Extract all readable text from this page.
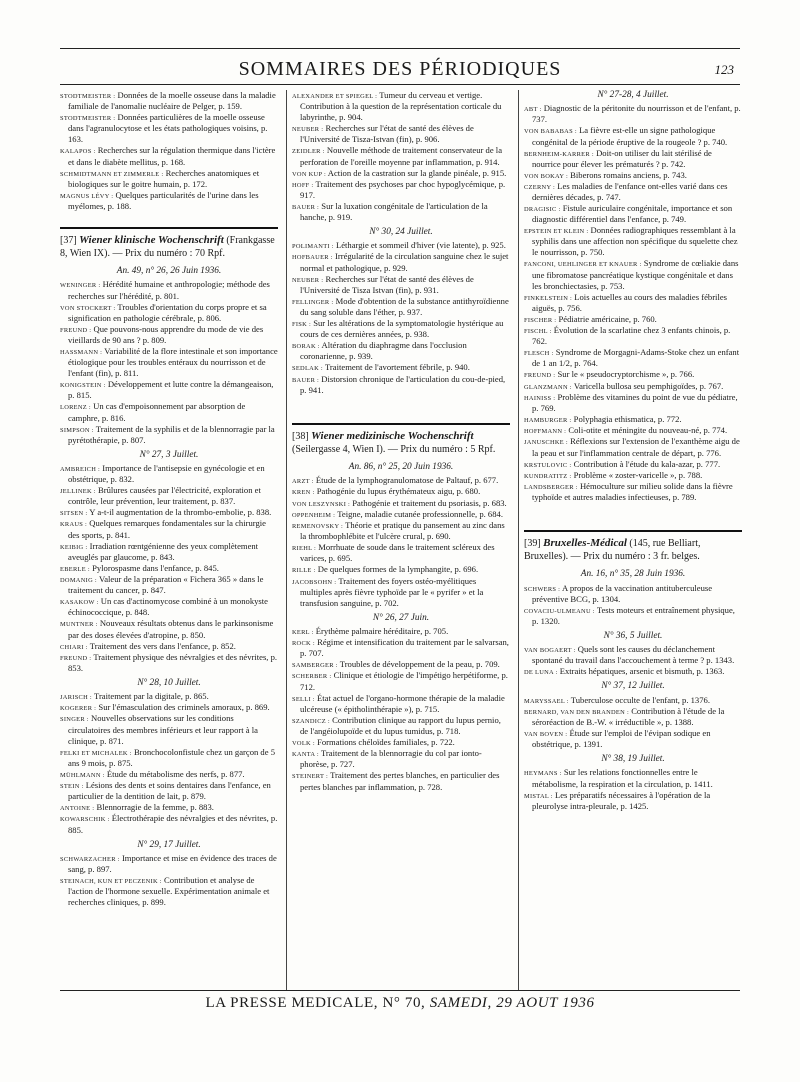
SOMMAIRES DES PÉRIODIQUES	123

STODTMEISTER : Données de la moelle osseuse dans la maladie familiale de l'anomalie nucléaire de Pelger, p. 159.

STODTMEISTER : Données particulières de la moelle osseuse dans l'agranulocytose et les états pathologiques voisins, p. 163.

KALAPOS : Recherches sur la régulation thermique dans l'ictère et dans le diabète mellitus, p. 168.

SCHMIDTMANN ET ZIMMERLE : Recherches anatomiques et biologiques sur le goitre humain, p. 172.

MAGNUS LÉVY : Quelques particularités de l'urine dans les myélomes, p. 188.

[37] Wiener klinische Wochenschrift (Frankgasse 8, Wien IX). — Prix du numéro : 70 Rpf.
An. 49, n° 26, 26 Juin 1936.

WENINGER : Hérédité humaine et anthropologie; méthode des recherches sur l'hérédité, p. 801.

VON STOCKERT : Troubles d'orientation du corps propre et sa signification en pathologie cérébrale, p. 806.

FREUND : Que pouvons-nous apprendre du mode de vie des vieillards de 90 ans ? p. 809.

HASSMANN : Variabilité de la flore intestinale et son importance étiologique pour les troubles entéraux du nourrisson et de l'enfant (fin), p. 811.

KONIGSTEIN : Développement et lutte contre la démangeaison, p. 815.

LORENZ : Un cas d'empoisonnement par absorption de camphre, p. 816.

SIMPSON : Traitement de la syphilis et de la blennorragie par la pyrétothérapie, p. 807.

N° 27, 3 Juillet.

AMBREICH : Importance de l'antisepsie en gynécologie et en obstétrique, p. 832.

JELLINEK : Brûlures causées par l'électricité, exploration et contrôle, leur prévention, leur traitement, p. 837.

SITSEN : Y a-t-il augmentation de la thrombo-embolie, p. 838.

KRAUS : Quelques remarques fondamentales sur la chirurgie des sports, p. 841.

KEIBIG : Irradiation rœntgénienne des yeux complètement aveuglés par glaucome, p. 843.

EBERLE : Pylorospasme dans l'enfance, p. 845.

DOMANIG : Valeur de la préparation « Fichera 365 » dans le traitement du cancer, p. 847.

KASAKOW : Un cas d'actinomycose combiné à un monokyste échinococcique, p. 848.

MUNTNER : Nouveaux résultats obtenus dans le parkinsonisme par des doses élevées d'atropine, p. 850.

CHIARI : Traitement des vers dans l'enfance, p. 852.

FREUND : Traitement physique des névralgies et des névrites, p. 853.

N° 28, 10 Juillet.

JARISCH : Traitement par la digitale, p. 865.

KOGERER : Sur l'émasculation des criminels amoraux, p. 869.

SINGER : Nouvelles observations sur les conditions circulatoires des membres inférieurs et leur rapport à la clinique, p. 871.

FELKI ET MICHALEK : Bronchocolonfistule chez un garçon de 5 ans 9 mois, p. 875.

MÜHLMANN : Étude du métabolisme des nerfs, p. 877.

STEIN : Lésions des dents et soins dentaires dans l'enfance, en particulier de la dentition de lait, p. 879.

ANTOINE : Blennorragie de la femme, p. 883.

KOWARSCHIK : Électrothérapie des névralgies et des névrites, p. 885.

N° 29, 17 Juillet.

SCHWARZACHER : Importance et mise en évidence des traces de sang, p. 897.

STEINACH, KUN ET PECZENIK : Contribution et analyse de l'action de l'hormone sexuelle. Expérimentation animale et recherches cliniques, p. 899.

ALEXANDER ET SPIEGEL : Tumeur du cerveau et vertige. Contribution à la question de la représentation corticale du labyrinthe, p. 904.

NEUBER : Recherches sur l'état de santé des élèves de l'Université de Tisza-Istvan (fin), p. 906.

ZEIDLER : Nouvelle méthode de traitement conservateur de la perforation de l'oreille moyenne par inflammation, p. 914.

VON KUP : Action de la castration sur la glande pinéale, p. 915.

HOFF : Traitement des psychoses par choc hypoglycémique, p. 917.

BAUER : Sur la luxation congénitale de l'articulation de la hanche, p. 919.

N° 30, 24 Juillet.

POLIMANTI : Léthargie et sommeil d'hiver (vie latente), p. 925.

HOFBAUER : Irrégularité de la circulation sanguine chez le sujet normal et pathologique, p. 929.

NEUBER : Recherches sur l'état de santé des élèves de l'Université de Tisza Istvan (fin), p. 931.

FELLINGER : Mode d'obtention de la substance antithyroïdienne du sang soluble dans l'éther, p. 937.

FISK : Sur les altérations de la symptomatologie hystérique au cours de ces dernières années, p. 938.

BORAK : Altération du diaphragme dans l'occlusion coronarienne, p. 939.

SEDLAK : Traitement de l'avortement fébrile, p. 940.

BAUER : Distorsion chronique de l'articulation du cou-de-pied, p. 941.

[38] Wiener medizinische Wochenschrift (Seilergasse 4, Wien I). — Prix du numéro : 5 Rpf.
An. 86, n° 25, 20 Juin 1936.

ARZT : Étude de la lymphogranulomatose de Paltauf, p. 677.

KREN : Pathogénie du lupus érythémateux aigu, p. 680.

VON LESZYNSKI : Pathogénie et traitement du psoriasis, p. 683.

OPPENHEIM : Teigne, maladie cutanée professionnelle, p. 684.

REMENOVSKY : Théorie et pratique du pansement au zinc dans la thrombophlébite et l'ulcère crural, p. 690.

RIEHL : Morrhuate de soude dans le traitement scléreux des varices, p. 695.

RILLE : De quelques formes de la lymphangite, p. 696.

JACOBSOHN : Traitement des foyers ostéo-myélitiques multiples après fièvre typhoïde par le « pyrifer » et la transfusion sanguine, p. 702.

N° 26, 27 Juin.

KERL : Érythème palmaire héréditaire, p. 705.

ROCK : Régime et intensification du traitement par le salvarsan, p. 707.

SAMBERGER : Troubles de développement de la peau, p. 709.

SCHERBER : Clinique et étiologie de l'impétigo herpétiforme, p. 712.

SELLI : État actuel de l'organo-hormone thérapie de la maladie ulcéreuse (« épitholinthérapie »), p. 715.

SZANDICZ : Contribution clinique au rapport du lupus pernio, de l'angéiolupoïde et du lupus tumidus, p. 718.

VOLK : Formations chéloïdes familiales, p. 722.

KANTA : Traitement de la blennorragie du col par ionto-phorèse, p. 727.

STEINERT : Traitement des pertes blanches, en particulier des pertes blanches par inflammation, p. 728.

N° 27-28, 4 Juillet.

ABT : Diagnostic de la péritonite du nourrisson et de l'enfant, p. 737.

VON BABABAS : La fièvre est-elle un signe pathologique congénital de la période éruptive de la rougeole ? p. 740.

BERNHEIM-KARRER : Doit-on utiliser du lait stérilisé de nourrice pour élever les prématurés ? p. 742.

VON BOKAY : Biberons romains anciens, p. 743.

CZERNY : Les maladies de l'enfance ont-elles varié dans ces dernières décades, p. 747.

DRAGISIC : Fistule auriculaire congénitale, importance et son diagnostic différentiel dans l'enfance, p. 749.

EPSTEIN ET KLEIN : Données radiographiques ressemblant à la syphilis dans une affection non spécifique du squelette chez le nourrisson, p. 750.

FANCONI, UEHLINGER ET KNAUER : Syndrome de cœliakie dans une fibromatose pancréatique kystique congénitale et dans les bronchiectasies, p. 753.

FINKELSTEIN : Lois actuelles au cours des maladies fébriles aiguës, p. 756.

FISCHER : Pédiatrie américaine, p. 760.

FISCHL : Évolution de la scarlatine chez 3 enfants chinois, p. 762.

FLESCH : Syndrome de Morgagni-Adams-Stoke chez un enfant de 1 an 1/2, p. 764.

FREUND : Sur le « pseudocryptorchisme », p. 766.

GLANZMANN : Varicella bullosa seu pemphigoïdes, p. 767.

HAINISS : Problème des vitamines du point de vue du pédiatre, p. 769.

HAMBURGER : Polyphagia ethismatica, p. 772.

HOFFMANN : Coli-otite et méningite du nouveau-né, p. 774.

JANUSCHKE : Réflexions sur l'extension de l'exanthème aigu de la peau et sur l'inflammation centrale de départ, p. 776.

KRSTULOVIC : Contribution à l'étude du kala-azar, p. 777.

KUNDRATITZ : Problème « zoster-varicelle », p. 788.

LANDSBERGER : Hémoculture sur milieu solide dans la fièvre typhoïde et autres maladies infectieuses, p. 789.

[39] Bruxelles-Médical (145, rue Belliart, Bruxelles). — Prix du numéro : 3 fr. belges.
An. 16, n° 35, 28 Juin 1936.

SCHWERS : A propos de la vaccination antituberculeuse préventive BCG, p. 1304.

COVACIU-ULMEANU : Tests moteurs et entraînement physique, p. 1320.

N° 36, 5 Juillet.

VAN BOGAERT : Quels sont les causes du déclanchement spontané du travail dans l'accouchement à terme ? p. 1343.

DE LUNA : Extraits hépatiques, arsenic et bismuth, p. 1363.

N° 37, 12 Juillet.

MARYSSAEL : Tuberculose occulte de l'enfant, p. 1376.

BERNARD, VAN DEN BRANDEN : Contribution à l'étude de la séroréaction de B.-W. « irréductible », p. 1388.

VAN BOVEN : Étude sur l'emploi de l'évipan sodique en obstétrique, p. 1391.

N° 38, 19 Juillet.

HEYMANS : Sur les relations fonctionnelles entre le métabolisme, la respiration et la circulation, p. 1411.

MISTAL : Les préparatifs nécessaires à l'opération de la pleurolyse intra-pleurale, p. 1425.

LA PRESSE MEDICALE, N° 70, SAMEDI, 29 AOUT 1936
